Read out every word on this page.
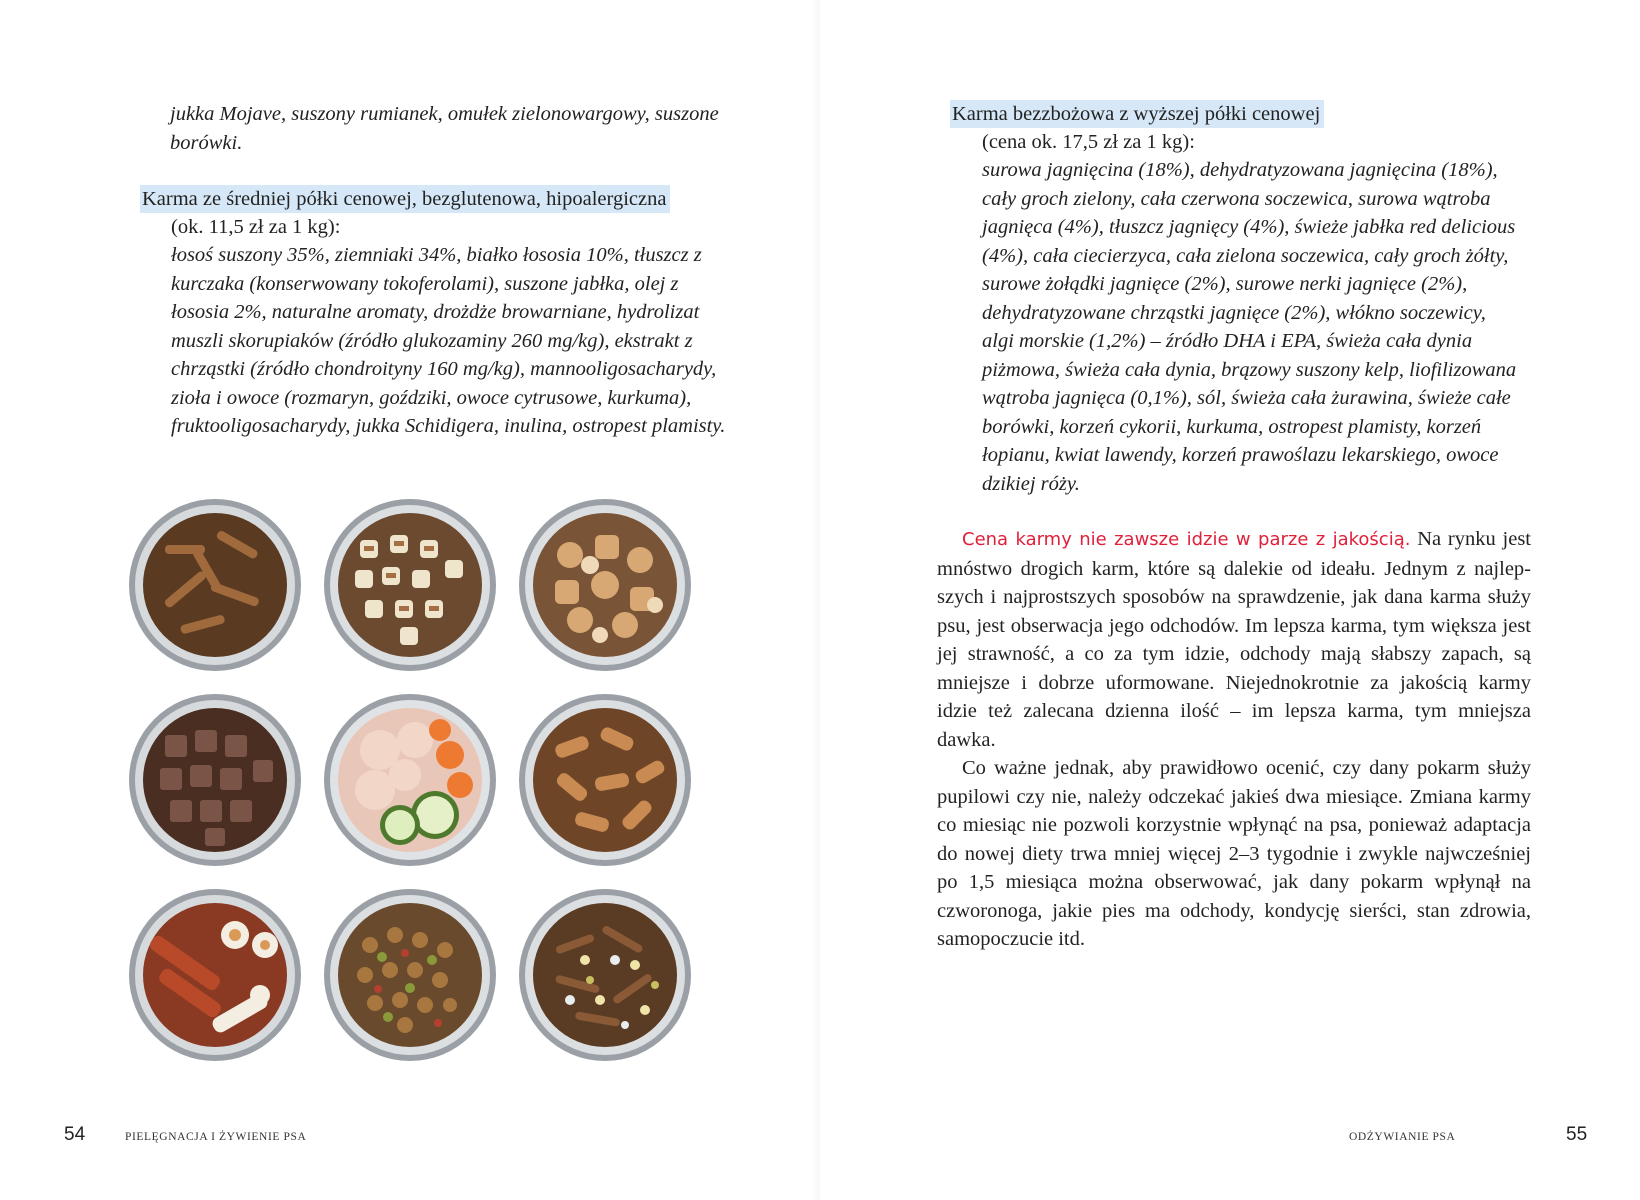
jukka Mojave, suszony rumianek, omułek zielonowargowy, suszone borówki.
Karma ze średniej półki cenowej, bezglutenowa, hipoalergiczna
(ok. 11,5 zł za 1 kg):
łosoś suszony 35%, ziemniaki 34%, białko łososia 10%, tłuszcz z kurczaka (konserwowany tokoferolami), suszone jabłka, olej z łososia 2%, naturalne aromaty, drożdże browarniane, hydrolizat muszli skorupiaków (źródło glukozaminy 260 mg/kg), ekstrakt z chrząstki (źródło chondroityny 160 mg/kg), mannooligosacharydy, zioła i owoce (rozmaryn, goździki, owoce cytrusowe, kurkuma), fruktooligosacharydy, jukka Schidigera, inulina, ostropest plamisty.
54	PIELĘGNACJA I ŻYWIENIE PSA
Karma bezzbożowa z wyższej półki cenowej
(cena ok. 17,5 zł za 1 kg):
surowa jagnięcina (18%), dehydratyzowana jagnięcina (18%), cały groch zielony, cała czerwona soczewica, surowa wątroba jagnięca (4%), tłuszcz jagnięcy (4%), świeże jabłka red delicious (4%), cała ciecierzyca, cała zielona soczewica, cały groch żółty, surowe żołądki jagnięce (2%), surowe nerki jagnięce (2%), dehydratyzowane chrząstki jagnięce (2%), włókno soczewicy, algi morskie (1,2%) – źródło DHA i EPA, świeża cała dynia piżmowa, świeża cała dynia, brązowy suszony kelp, liofilizowana wątroba jagnięca (0,1%), sól, świeża cała żurawina, świeże całe borówki, korzeń cykorii, kurkuma, ostropest plamisty, korzeń łopianu, kwiat lawendy, korzeń prawoślazu lekarskiego, owoce dzikiej róży.

Cena karmy nie zawsze idzie w parze z jakością. Na rynku jest mnóstwo drogich karm, które są dalekie od ideału. Jednym z najlepszych i najprostszych sposobów na sprawdzenie, jak dana karma służy psu, jest obserwacja jego odchodów. Im lepsza karma, tym większa jest jej strawność, a co za tym idzie, odchody mają słabszy zapach, są mniejsze i dobrze uformowane. Niejednokrotnie za jakością karmy idzie też zalecana dzienna ilość – im lepsza karma, tym mniejsza dawka.

Co ważne jednak, aby prawidłowo ocenić, czy dany pokarm służy pupilowi czy nie, należy odczekać jakieś dwa miesiące. Zmiana karmy co miesiąc nie pozwoli korzystnie wpłynąć na psa, ponieważ adaptacja do nowej diety trwa mniej więcej 2–3 tygodnie i zwykle najwcześniej po 1,5 miesiąca można obserwować, jak dany pokarm wpłynął na czworonoga, jakie pies ma odchody, kondycję sierści, stan zdrowia, samopoczucie itd.

ODŻYWIANIE PSA	55
